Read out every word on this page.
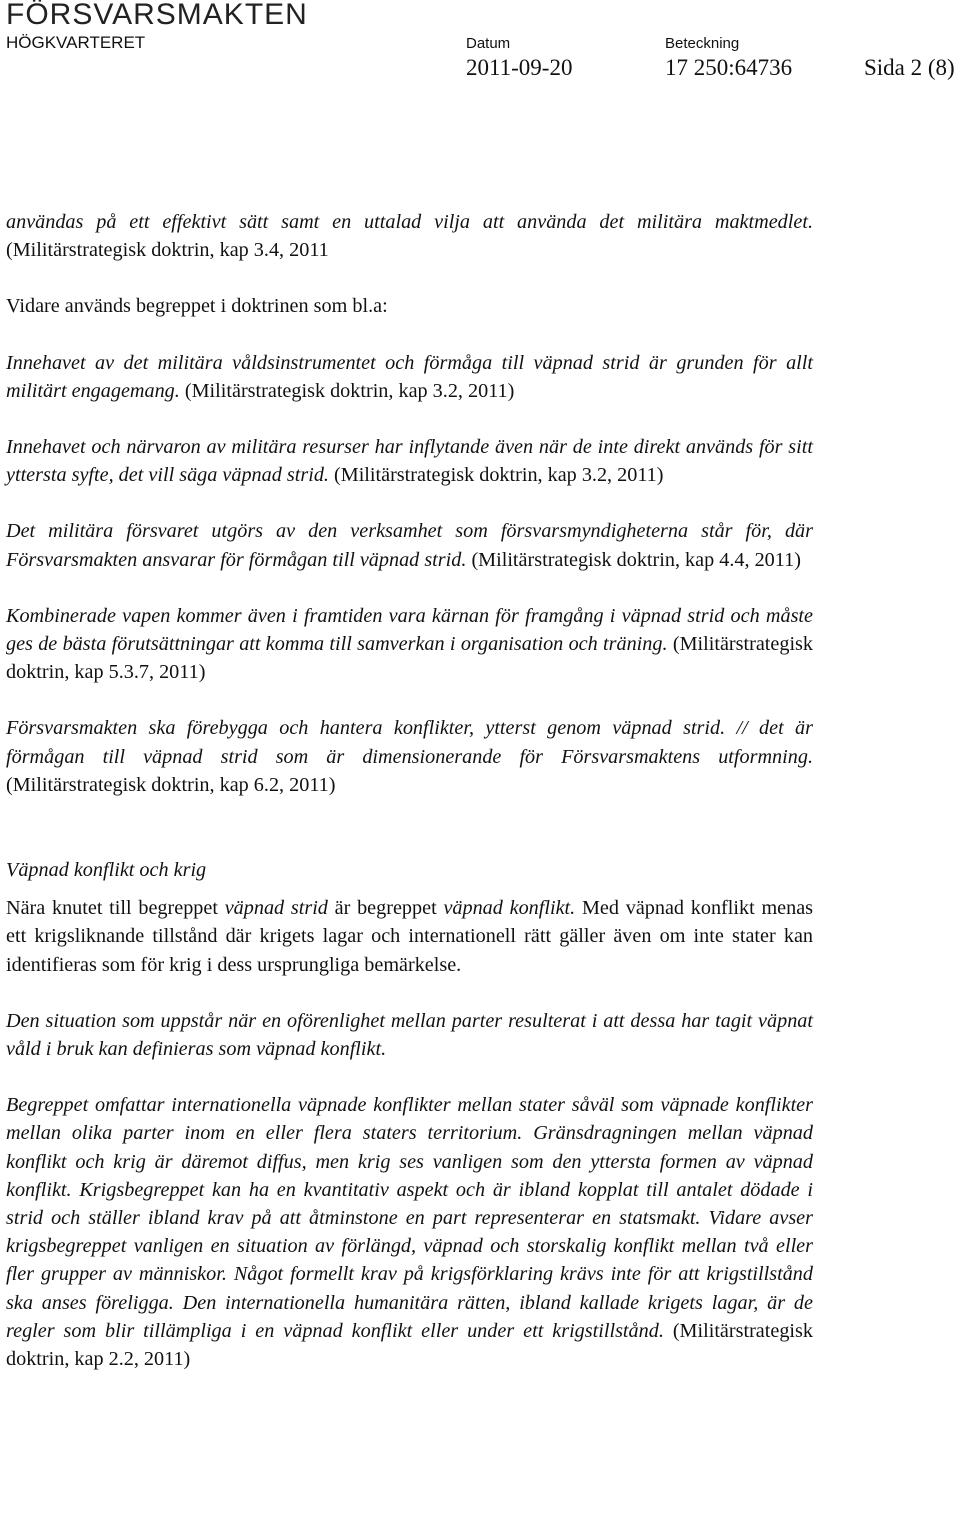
FÖRSVARSMAKTEN
HÖGKVARTERET	Datum	Beteckning
2011-09-20	17 250:64736	Sida 2 (8)

användas på ett effektivt sätt samt en uttalad vilja att använda det militära maktmedlet. (Militärstrategisk doktrin, kap 3.4, 2011

Vidare används begreppet i doktrinen som bl.a:

Innehavet av det militära våldsinstrumentet och förmåga till väpnad strid är grunden för allt militärt engagemang. (Militärstrategisk doktrin, kap 3.2, 2011)

Innehavet och närvaron av militära resurser har inflytande även när de inte direkt används för sitt yttersta syfte, det vill säga väpnad strid. (Militärstrategisk doktrin, kap 3.2, 2011)

Det militära försvaret utgörs av den verksamhet som försvarsmyndigheterna står för, där Försvarsmakten ansvarar för förmågan till väpnad strid. (Militärstrategisk doktrin, kap 4.4, 2011)

Kombinerade vapen kommer även i framtiden vara kärnan för framgång i väpnad strid och måste ges de bästa förutsättningar att komma till samverkan i organisation och träning. (Militärstrategisk doktrin, kap 5.3.7, 2011)

Försvarsmakten ska förebygga och hantera konflikter, ytterst genom väpnad strid. // det är förmågan till väpnad strid som är dimensionerande för Försvarsmaktens utformning. (Militärstrategisk doktrin, kap 6.2, 2011)

Väpnad konflikt och krig

Nära knutet till begreppet väpnad strid är begreppet väpnad konflikt. Med väpnad konflikt menas ett krigsliknande tillstånd där krigets lagar och internationell rätt gäller även om inte stater kan identifieras som för krig i dess ursprungliga bemärkelse.

Den situation som uppstår när en oförenlighet mellan parter resulterat i att dessa har tagit väpnat våld i bruk kan definieras som väpnad konflikt.

Begreppet omfattar internationella väpnade konflikter mellan stater såväl som väpnade konflikter mellan olika parter inom en eller flera staters territorium. Gränsdragningen mellan väpnad konflikt och krig är däremot diffus, men krig ses vanligen som den yttersta formen av väpnad konflikt. Krigsbegreppet kan ha en kvantitativ aspekt och är ibland kopplat till antalet dödade i strid och ställer ibland krav på att åtminstone en part representerar en statsmakt. Vidare avser krigsbegreppet vanligen en situation av förlängd, väpnad och storskalig konflikt mellan två eller fler grupper av människor. Något formellt krav på krigsförklaring krävs inte för att krigstillstånd ska anses föreligga. Den internationella humanitära rätten, ibland kallade krigets lagar, är de regler som blir tillämpliga i en väpnad konflikt eller under ett krigstillstånd. (Militärstrategisk doktrin, kap 2.2, 2011)
